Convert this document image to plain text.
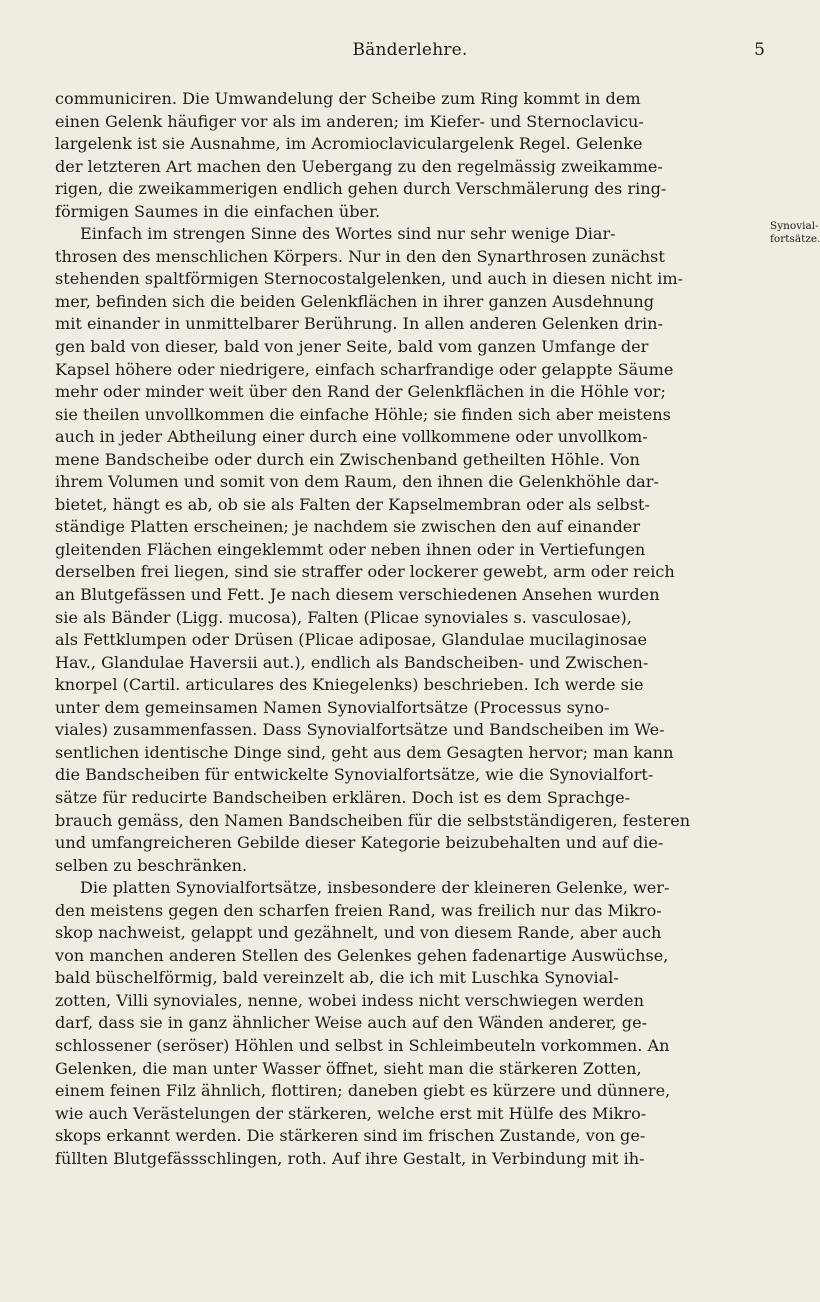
Bänderlehre.	5
Synovial-
fortsätze.
communiciren. Die Umwandelung der Scheibe zum Ring kommt in dem
einen Gelenk häufiger vor als im anderen; im Kiefer- und Sternoclavicu-
largelenk ist sie Ausnahme, im Acromioclaviculargelenk Regel. Gelenke
der letzteren Art machen den Uebergang zu den regelmässig zweikamme-
rigen, die zweikammerigen endlich gehen durch Verschmälerung des ring-
förmigen Saumes in die einfachen über.
Einfach im strengen Sinne des Wortes sind nur sehr wenige Diar-
throsen des menschlichen Körpers. Nur in den den Synarthrosen zunächst
stehenden spaltförmigen Sternocostalgelenken, und auch in diesen nicht im-
mer, befinden sich die beiden Gelenkflächen in ihrer ganzen Ausdehnung
mit einander in unmittelbarer Berührung. In allen anderen Gelenken drin-
gen bald von dieser, bald von jener Seite, bald vom ganzen Umfange der
Kapsel höhere oder niedrigere, einfach scharfrandige oder gelappte Säume
mehr oder minder weit über den Rand der Gelenkflächen in die Höhle vor;
sie theilen unvollkommen die einfache Höhle; sie finden sich aber meistens
auch in jeder Abtheilung einer durch eine vollkommene oder unvollkom-
mene Bandscheibe oder durch ein Zwischenband getheilten Höhle. Von
ihrem Volumen und somit von dem Raum, den ihnen die Gelenkhöhle dar-
bietet, hängt es ab, ob sie als Falten der Kapselmembran oder als selbst-
ständige Platten erscheinen; je nachdem sie zwischen den auf einander
gleitenden Flächen eingeklemmt oder neben ihnen oder in Vertiefungen
derselben frei liegen, sind sie straffer oder lockerer gewebt, arm oder reich
an Blutgefässen und Fett. Je nach diesem verschiedenen Ansehen wurden
sie als Bänder (Ligg. mucosa), Falten (Plicae synoviales s. vasculosae),
als Fettklumpen oder Drüsen (Plicae adiposae, Glandulae mucilaginosae
Hav., Glandulae Haversii aut.), endlich als Bandscheiben- und Zwischen-
knorpel (Cartil. articulares des Kniegelenks) beschrieben. Ich werde sie
unter dem gemeinsamen Namen Synovialfortsätze (Processus syno-
viales) zusammenfassen. Dass Synovialfortsätze und Bandscheiben im We-
sentlichen identische Dinge sind, geht aus dem Gesagten hervor; man kann
die Bandscheiben für entwickelte Synovialfortsätze, wie die Synovialfort-
sätze für reducirte Bandscheiben erklären. Doch ist es dem Sprachge-
brauch gemäss, den Namen Bandscheiben für die selbstständigeren, festeren
und umfangreicheren Gebilde dieser Kategorie beizubehalten und auf die-
selben zu beschränken.
Die platten Synovialfortsätze, insbesondere der kleineren Gelenke, wer-
den meistens gegen den scharfen freien Rand, was freilich nur das Mikro-
skop nachweist, gelappt und gezähnelt, und von diesem Rande, aber auch
von manchen anderen Stellen des Gelenkes gehen fadenartige Auswüchse,
bald büschelförmig, bald vereinzelt ab, die ich mit Luschka Synovial-
zotten, Villi synoviales, nenne, wobei indess nicht verschwiegen werden
darf, dass sie in ganz ähnlicher Weise auch auf den Wänden anderer, ge-
schlossener (seröser) Höhlen und selbst in Schleimbeuteln vorkommen. An
Gelenken, die man unter Wasser öffnet, sieht man die stärkeren Zotten,
einem feinen Filz ähnlich, flottiren; daneben giebt es kürzere und dünnere,
wie auch Verästelungen der stärkeren, welche erst mit Hülfe des Mikro-
skops erkannt werden. Die stärkeren sind im frischen Zustande, von ge-
füllten Blutgefässschlingen, roth. Auf ihre Gestalt, in Verbindung mit ih-
